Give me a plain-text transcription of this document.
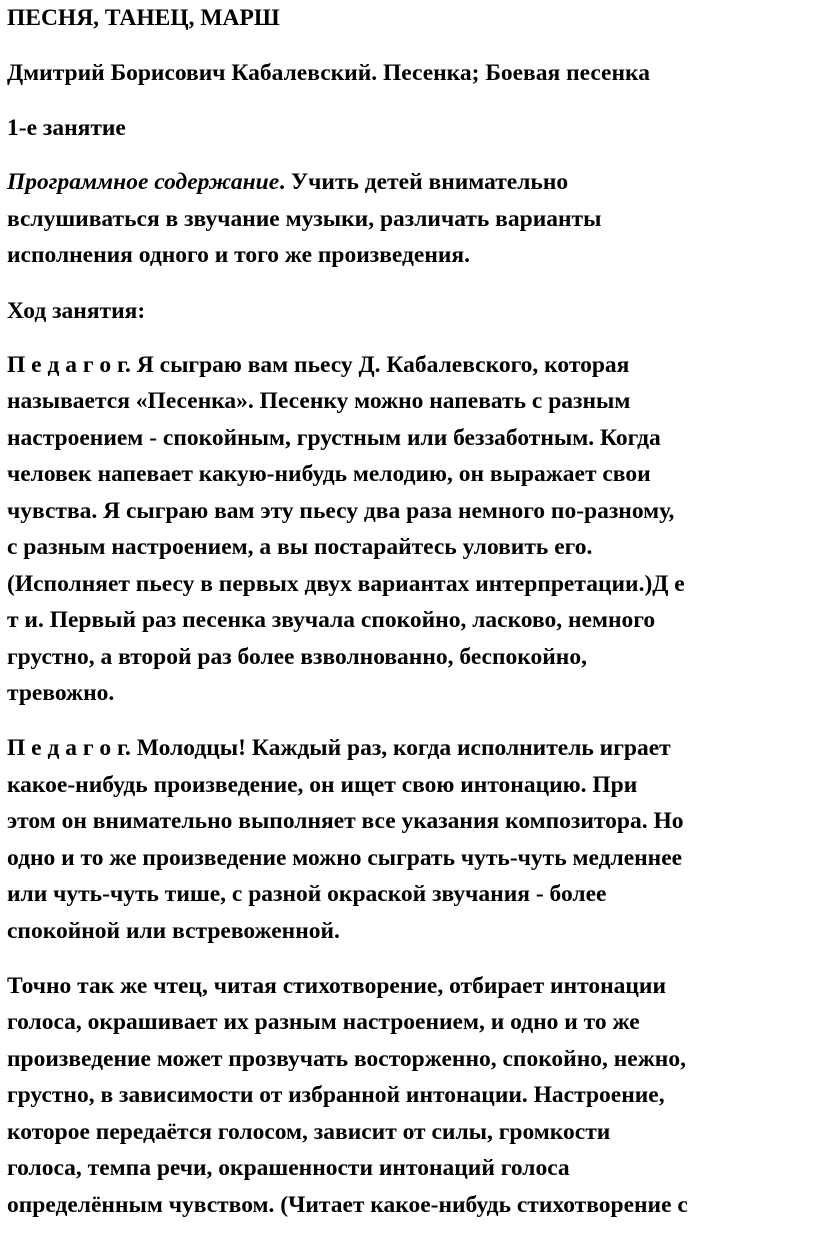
ПЕСНЯ, ТАНЕЦ, МАРШ
Дмитрий Борисович Кабалевский. Песенка; Боевая песенка
1-е занятие
Программное содержание. Учить детей внимательно
вслушиваться в звучание музыки, различать варианты
исполнения одного и того же произведения.
Ход занятия:
П е д а г о г. Я сыграю вам пьесу Д. Кабалевского, которая
называется «Песенка». Песенку можно напевать с разным
настроением - спокойным, грустным или беззаботным. Когда
человек напевает какую-нибудь мелодию, он выражает свои
чувства. Я сыграю вам эту пьесу два раза немного по-разному,
с разным настроением, а вы постарайтесь уловить его.
(Исполняет пьесу в первых двух вариантах интерпретации.)Д е
т и. Первый раз песенка звучала спокойно, ласково, немного
грустно, а второй раз более взволнованно, беспокойно,
тревожно.
П е д а г о г. Молодцы! Каждый раз, когда исполнитель играет
какое-нибудь произведение, он ищет свою интонацию. При
этом он внимательно выполняет все указания композитора. Но
одно и то же произведение можно сыграть чуть-чуть медленнее
или чуть-чуть тише, с разной окраской звучания - более
спокойной или встревоженной.
Точно так же чтец, читая стихотворение, отбирает интонации
голоса, окрашивает их разным настроением, и одно и то же
произведение может прозвучать восторженно, спокойно, нежно,
грустно, в зависимости от избранной интонации. Настроение,
которое передаётся голосом, зависит от силы, громкости
голоса, темпа речи, окрашенности интонаций голоса
определённым чувством. (Читает какое-нибудь стихотворение с
